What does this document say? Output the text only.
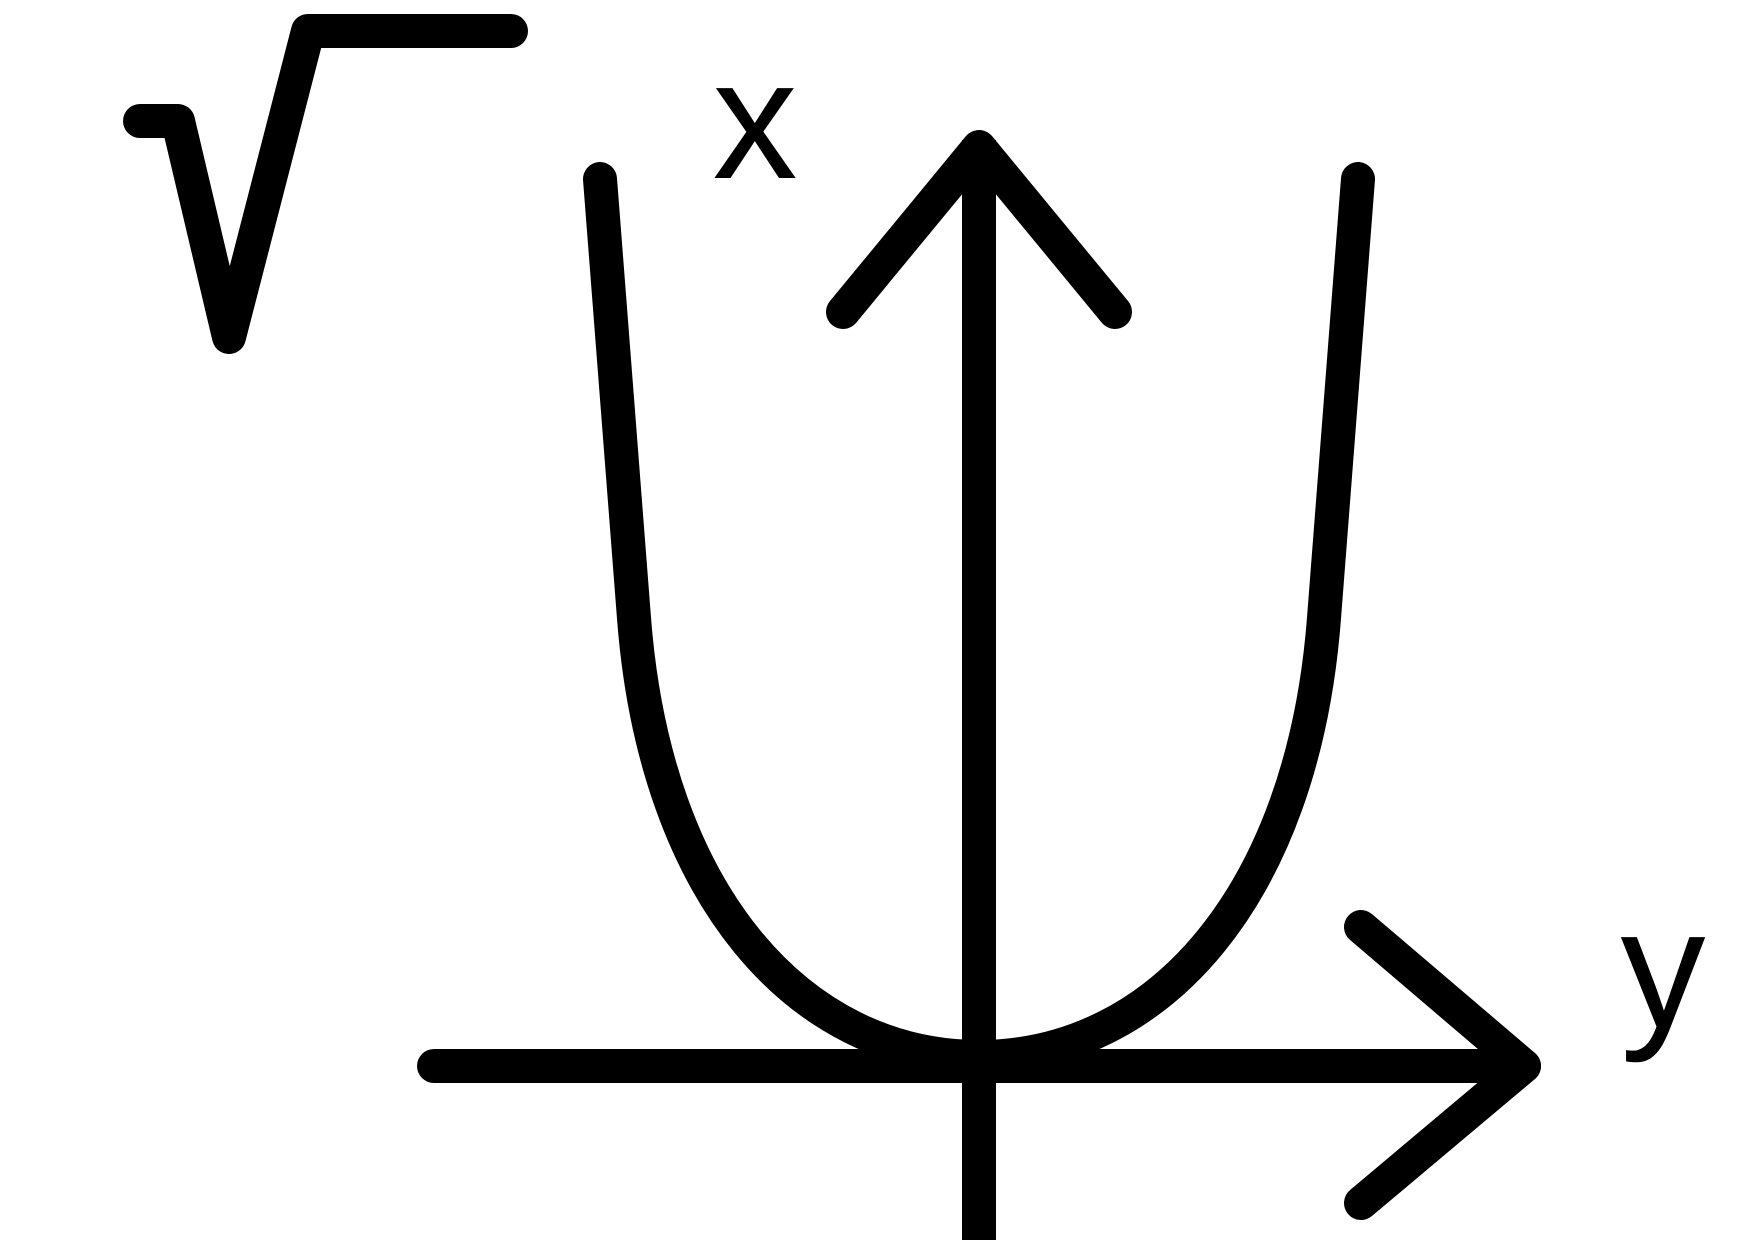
x
y
